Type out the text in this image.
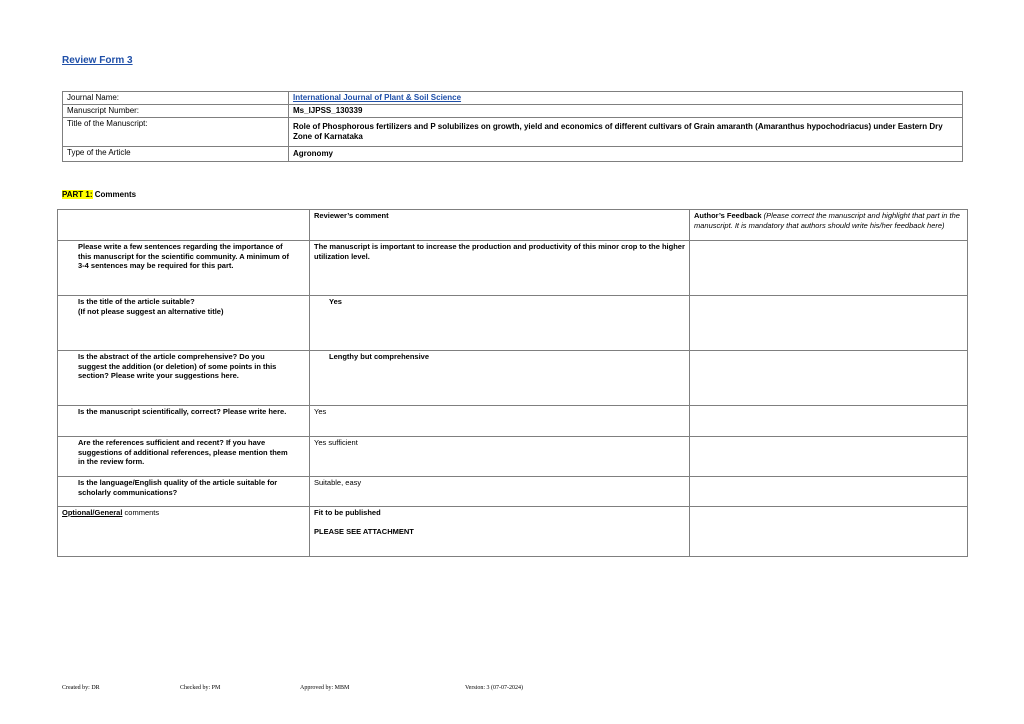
Review Form 3
Journal Name:	International Journal of Plant & Soil Science
Manuscript Number:	Ms_IJPSS_130339
Title of the Manuscript:	Role of Phosphorous fertilizers and P solubilizes on growth, yield and economics of different cultivars of Grain amaranth (Amaranthus hypochodriacus) under Eastern Dry Zone of Karnataka
Type of the Article	Agronomy
PART 1: Comments
	Reviewer’s comment	Author’s Feedback (Please correct the manuscript and highlight that part in the manuscript. It is mandatory that authors should write his/her feedback here)
Please write a few sentences regarding the importance of this manuscript for the scientific community. A minimum of 3-4 sentences may be required for this part.	The manuscript is important to increase the production and productivity of this minor crop to the higher utilization level.	
Is the title of the article suitable?
(If not please suggest an alternative title)	Yes	
Is the abstract of the article comprehensive? Do you suggest the addition (or deletion) of some points in this section? Please write your suggestions here.	Lengthy but comprehensive	
Is the manuscript scientifically, correct? Please write here.	Yes	
Are the references sufficient and recent? If you have suggestions of additional references, please mention them in the review form.	Yes sufficient	
Is the language/English quality of the article suitable for scholarly communications?	Suitable, easy	
Optional/General comments	Fit to be published
PLEASE SEE ATTACHMENT	
Created by: DR	Checked by: PM	Approved by: MBM	Version: 3 (07-07-2024)
